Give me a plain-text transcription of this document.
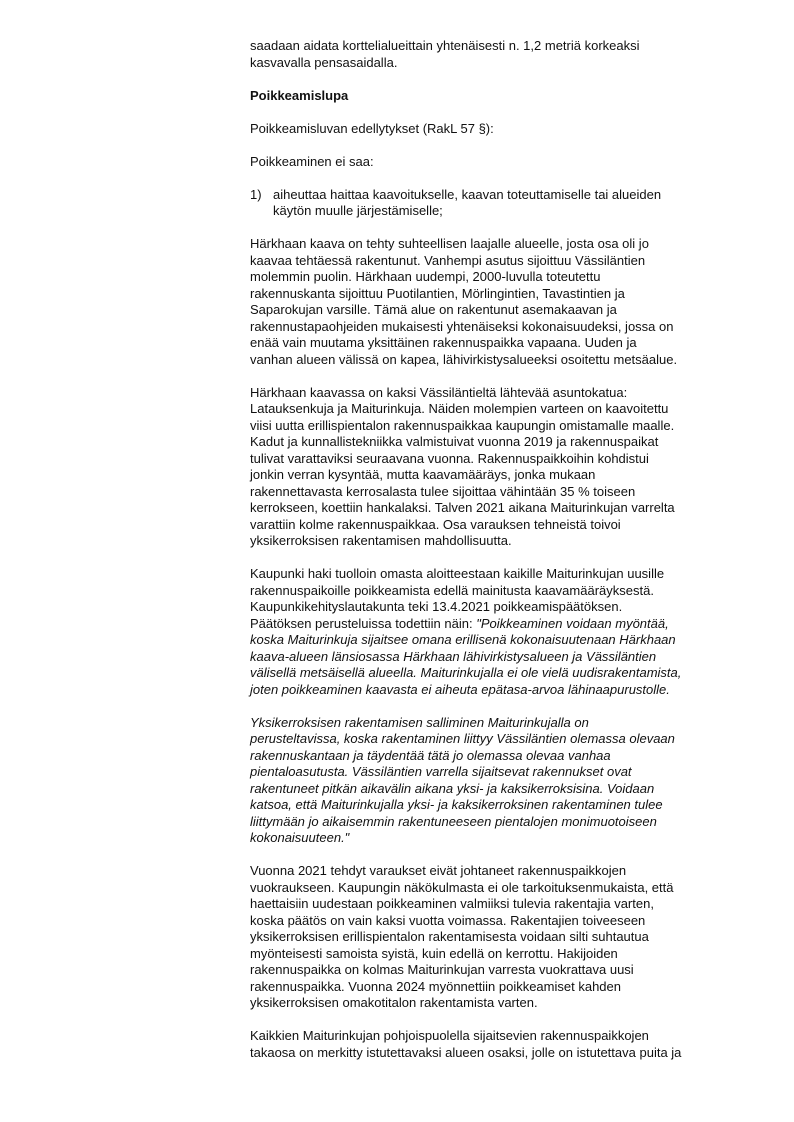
saadaan aidata korttelialueittain yhtenäisesti n. 1,2 metriä korkeaksi
kasvavalla pensasaidalla.
Poikkeamislupa
Poikkeamisluvan edellytykset (RakL 57 §):
Poikkeaminen ei saa:
1) aiheuttaa haittaa kaavoitukselle, kaavan toteuttamiselle tai alueiden
käytön muulle järjestämiselle;
Härkhaan kaava on tehty suhteellisen laajalle alueelle, josta osa oli jo
kaavaa tehtäessä rakentunut. Vanhempi asutus sijoittuu Vässiläntien
molemmin puolin. Härkhaan uudempi, 2000-luvulla toteutettu
rakennuskanta sijoittuu Puotilantien, Mörlingintien, Tavastintien ja
Saparokujan varsille. Tämä alue on rakentunut asemakaavan ja
rakennustapaohjeiden mukaisesti yhtenäiseksi kokonaisuudeksi, jossa on
enää vain muutama yksittäinen rakennuspaikka vapaana. Uuden ja
vanhan alueen välissä on kapea, lähivirkistysalueeksi osoitettu metsäalue.
Härkhaan kaavassa on kaksi Vässiläntieltä lähtevää asuntokatua:
Latauksenkuja ja Maiturinkuja. Näiden molempien varteen on kaavoitettu
viisi uutta erillispientalon rakennuspaikkaa kaupungin omistamalle maalle.
Kadut ja kunnallistekniikka valmistuivat vuonna 2019 ja rakennuspaikat
tulivat varattaviksi seuraavana vuonna. Rakennuspaikkoihin kohdistui
jonkin verran kysyntää, mutta kaavamääräys, jonka mukaan
rakennettavasta kerrosalasta tulee sijoittaa vähintään 35 % toiseen
kerrokseen, koettiin hankalaksi. Talven 2021 aikana Maiturinkujan varrelta
varattiin kolme rakennuspaikkaa. Osa varauksen tehneistä toivoi
yksikerroksisen rakentamisen mahdollisuutta.
Kaupunki haki tuolloin omasta aloitteestaan kaikille Maiturinkujan uusille
rakennuspaikoille poikkeamista edellä mainitusta kaavamääräyksestä.
Kaupunkikehityslautakunta teki 13.4.2021 poikkeamispäätöksen.
Päätöksen perusteluissa todettiin näin: "Poikkeaminen voidaan myöntää,
koska Maiturinkuja sijaitsee omana erillisenä kokonaisuutenaan Härkhaan
kaava-alueen länsiosassa Härkhaan lähivirkistysalueen ja Vässiläntien
välisellä metsäisellä alueella. Maiturinkujalla ei ole vielä uudisrakentamista,
joten poikkeaminen kaavasta ei aiheuta epätasa-arvoa lähinaapurustolle.
Yksikerroksisen rakentamisen salliminen Maiturinkujalla on
perusteltavissa, koska rakentaminen liittyy Vässiläntien olemassa olevaan
rakennuskantaan ja täydentää tätä jo olemassa olevaa vanhaa
pientaloasutusta. Vässiläntien varrella sijaitsevat rakennukset ovat
rakentuneet pitkän aikavälin aikana yksi- ja kaksikerroksisina. Voidaan
katsoa, että Maiturinkujalla yksi- ja kaksikerroksinen rakentaminen tulee
liittymään jo aikaisemmin rakentuneeseen pientalojen monimuotoiseen
kokonaisuuteen."
Vuonna 2021 tehdyt varaukset eivät johtaneet rakennuspaikkojen
vuokraukseen. Kaupungin näkökulmasta ei ole tarkoituksenmukaista, että
haettaisiin uudestaan poikkeaminen valmiiksi tulevia rakentajia varten,
koska päätös on vain kaksi vuotta voimassa. Rakentajien toiveeseen
yksikerroksisen erillispientalon rakentamisesta voidaan silti suhtautua
myönteisesti samoista syistä, kuin edellä on kerrottu. Hakijoiden
rakennuspaikka on kolmas Maiturinkujan varresta vuokrattava uusi
rakennuspaikka. Vuonna 2024 myönnettiin poikkeamiset kahden
yksikerroksisen omakotitalon rakentamista varten.
Kaikkien Maiturinkujan pohjoispuolella sijaitsevien rakennuspaikkojen
takaosa on merkitty istutettavaksi alueen osaksi, jolle on istutettava puita ja
